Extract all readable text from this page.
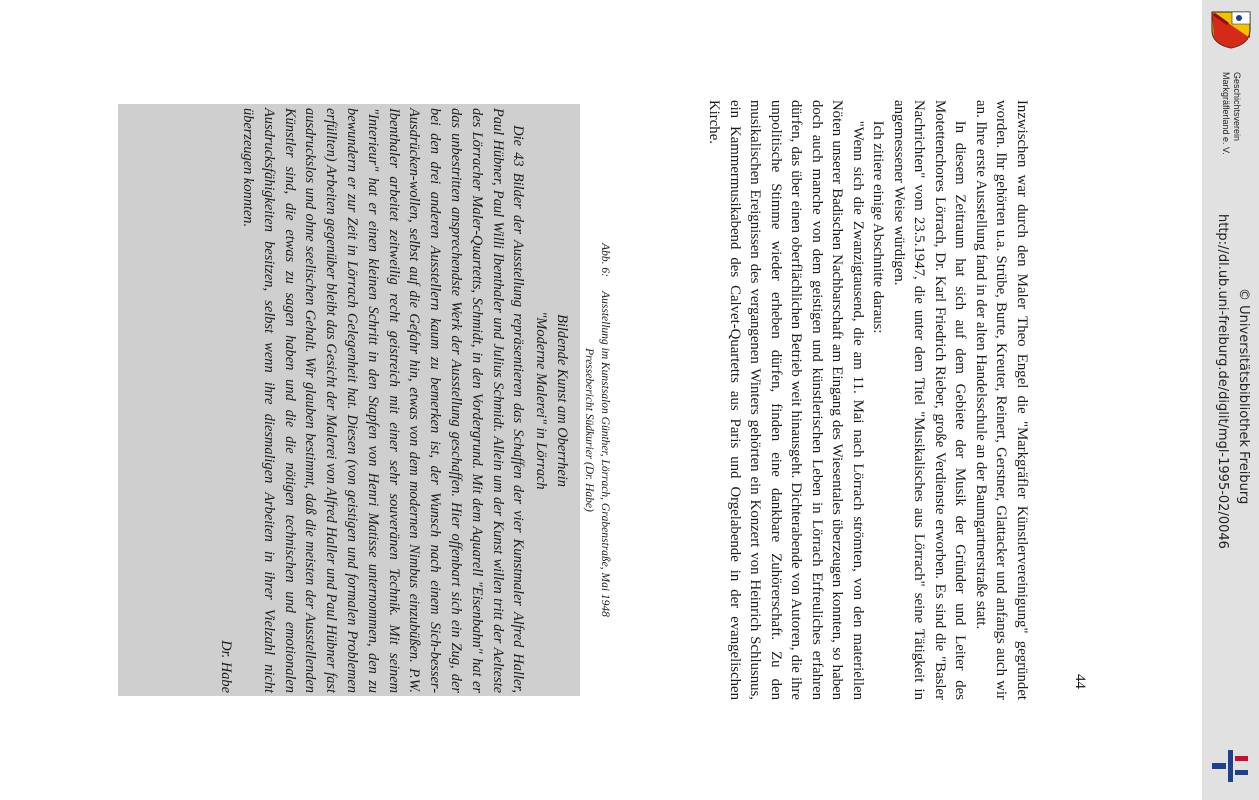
Bildende Kunst am Oberrhein
"Moderne Malerei" in Lörrach
Die 43 Bilder der Ausstellung repräsentieren das Schaffen der vier Kunstmaler Alfred Haller, Paul Hübner, Paul Willi Ibenthaler und Julius Schmidt. Allein um der Kunst willen tritt der Aelteste des Lörracher Maler-Quartetts, Schmidt, in den Vordergrund. Mit dem Aquarell "Eisenbahn" hat er das unbestritten ansprechendste Werk der Ausstellung geschaffen. Hier offenbart sich ein Zug, der bei den drei anderen Ausstellern kaum zu bemerken ist, der Wunsch nach einem Sich-besser-Ausdrücken-wollen, selbst auf die Gefahr hin, etwas von dem modernen Nimbus einzubüßen. P.W. Ibenthaler arbeitet zeitweilig recht geistreich mit einer sehr souveränen Technik. Mit seinem "Interieur" hat er einen kleinen Schritt in den Stapfen von Henri Matisse unternommen, den zu bewundern er zur Zeit in Lörrach Gelegenheit hat. Diesen (von geistigen und formalen Problemen erfüllten) Arbeiten gegenüber bleibt das Gesicht der Malerei von Alfred Haller und Paul Hübner fast ausdruckslos und ohne seelischen Gehalt. Wir glauben bestimmt, daß die meisten der Ausstellenden Künstler sind, die etwas zu sagen haben und die die nötigen technischen und emotionalen Ausdrucksfähigkeiten besitzen, selbst wenn ihre diesmaligen Arbeiten in ihrer Vielzahl nicht überzeugen konnten.
Dr. Habe
Abb. 6:     Ausstellung im Kunstsalon Günther, Lörrach, Grabenstraße, Mai 1948
Pressebericht Südkurier (Dr. Habe)	Inzwischen war durch den Maler Theo Engel die "Markgräfler Künstlervereinigung" gegründet worden. Ihr gehörten u.a. Strübe, Burte, Kreuter, Reinert, Gerstner, Glattacker und anfangs auch wir an. Ihre erste Ausstellung fand in der alten Handelsschule an der Baumgartnerstraße statt.

In diesem Zeitraum hat sich auf dem Gebiete der Musik der Gründer und Leiter des Motettenchores Lörrach, Dr. Karl Friedrich Rieber, große Verdienste erworben. Es sind die "Basler Nachrichten" vom 23.5.1947, die unter dem Titel "Musikalisches aus Lörrach" seine Tätigkeit in angemessener Weise würdigen.

Ich zitiere einige Abschnitte daraus:

"Wenn sich die Zwanzigtausend, die am 11. Mai nach Lörrach strömten, von den materiellen Nöten unserer Badischen Nachbarschaft am Eingang des Wiesentales überzeugen konnten, so haben doch auch manche von dem geistigen und künstlerischen Leben in Lörrach Erfreuliches erfahren dürfen, das über einen oberflächlichen Betrieb weit hinausgeht. Dichterabende von Autoren, die ihre unpolitische Stimme wieder erheben dürfen, finden eine dankbare Zuhörerschaft. Zu den musikalischen Ereignissen des vergangenen Winters gehörten ein Konzert von Heinrich Schlusnus, ein Kammermusikabend des Calvet-Quartetts aus Paris und Orgelabende in der evangelischen Kirche.

44
Geschichtsverein
Markgräflerland e. V.
http://dl.ub.uni-freiburg.de/diglit/mgl-1995-02/0046 © Universitätsbibliothek Freiburg
